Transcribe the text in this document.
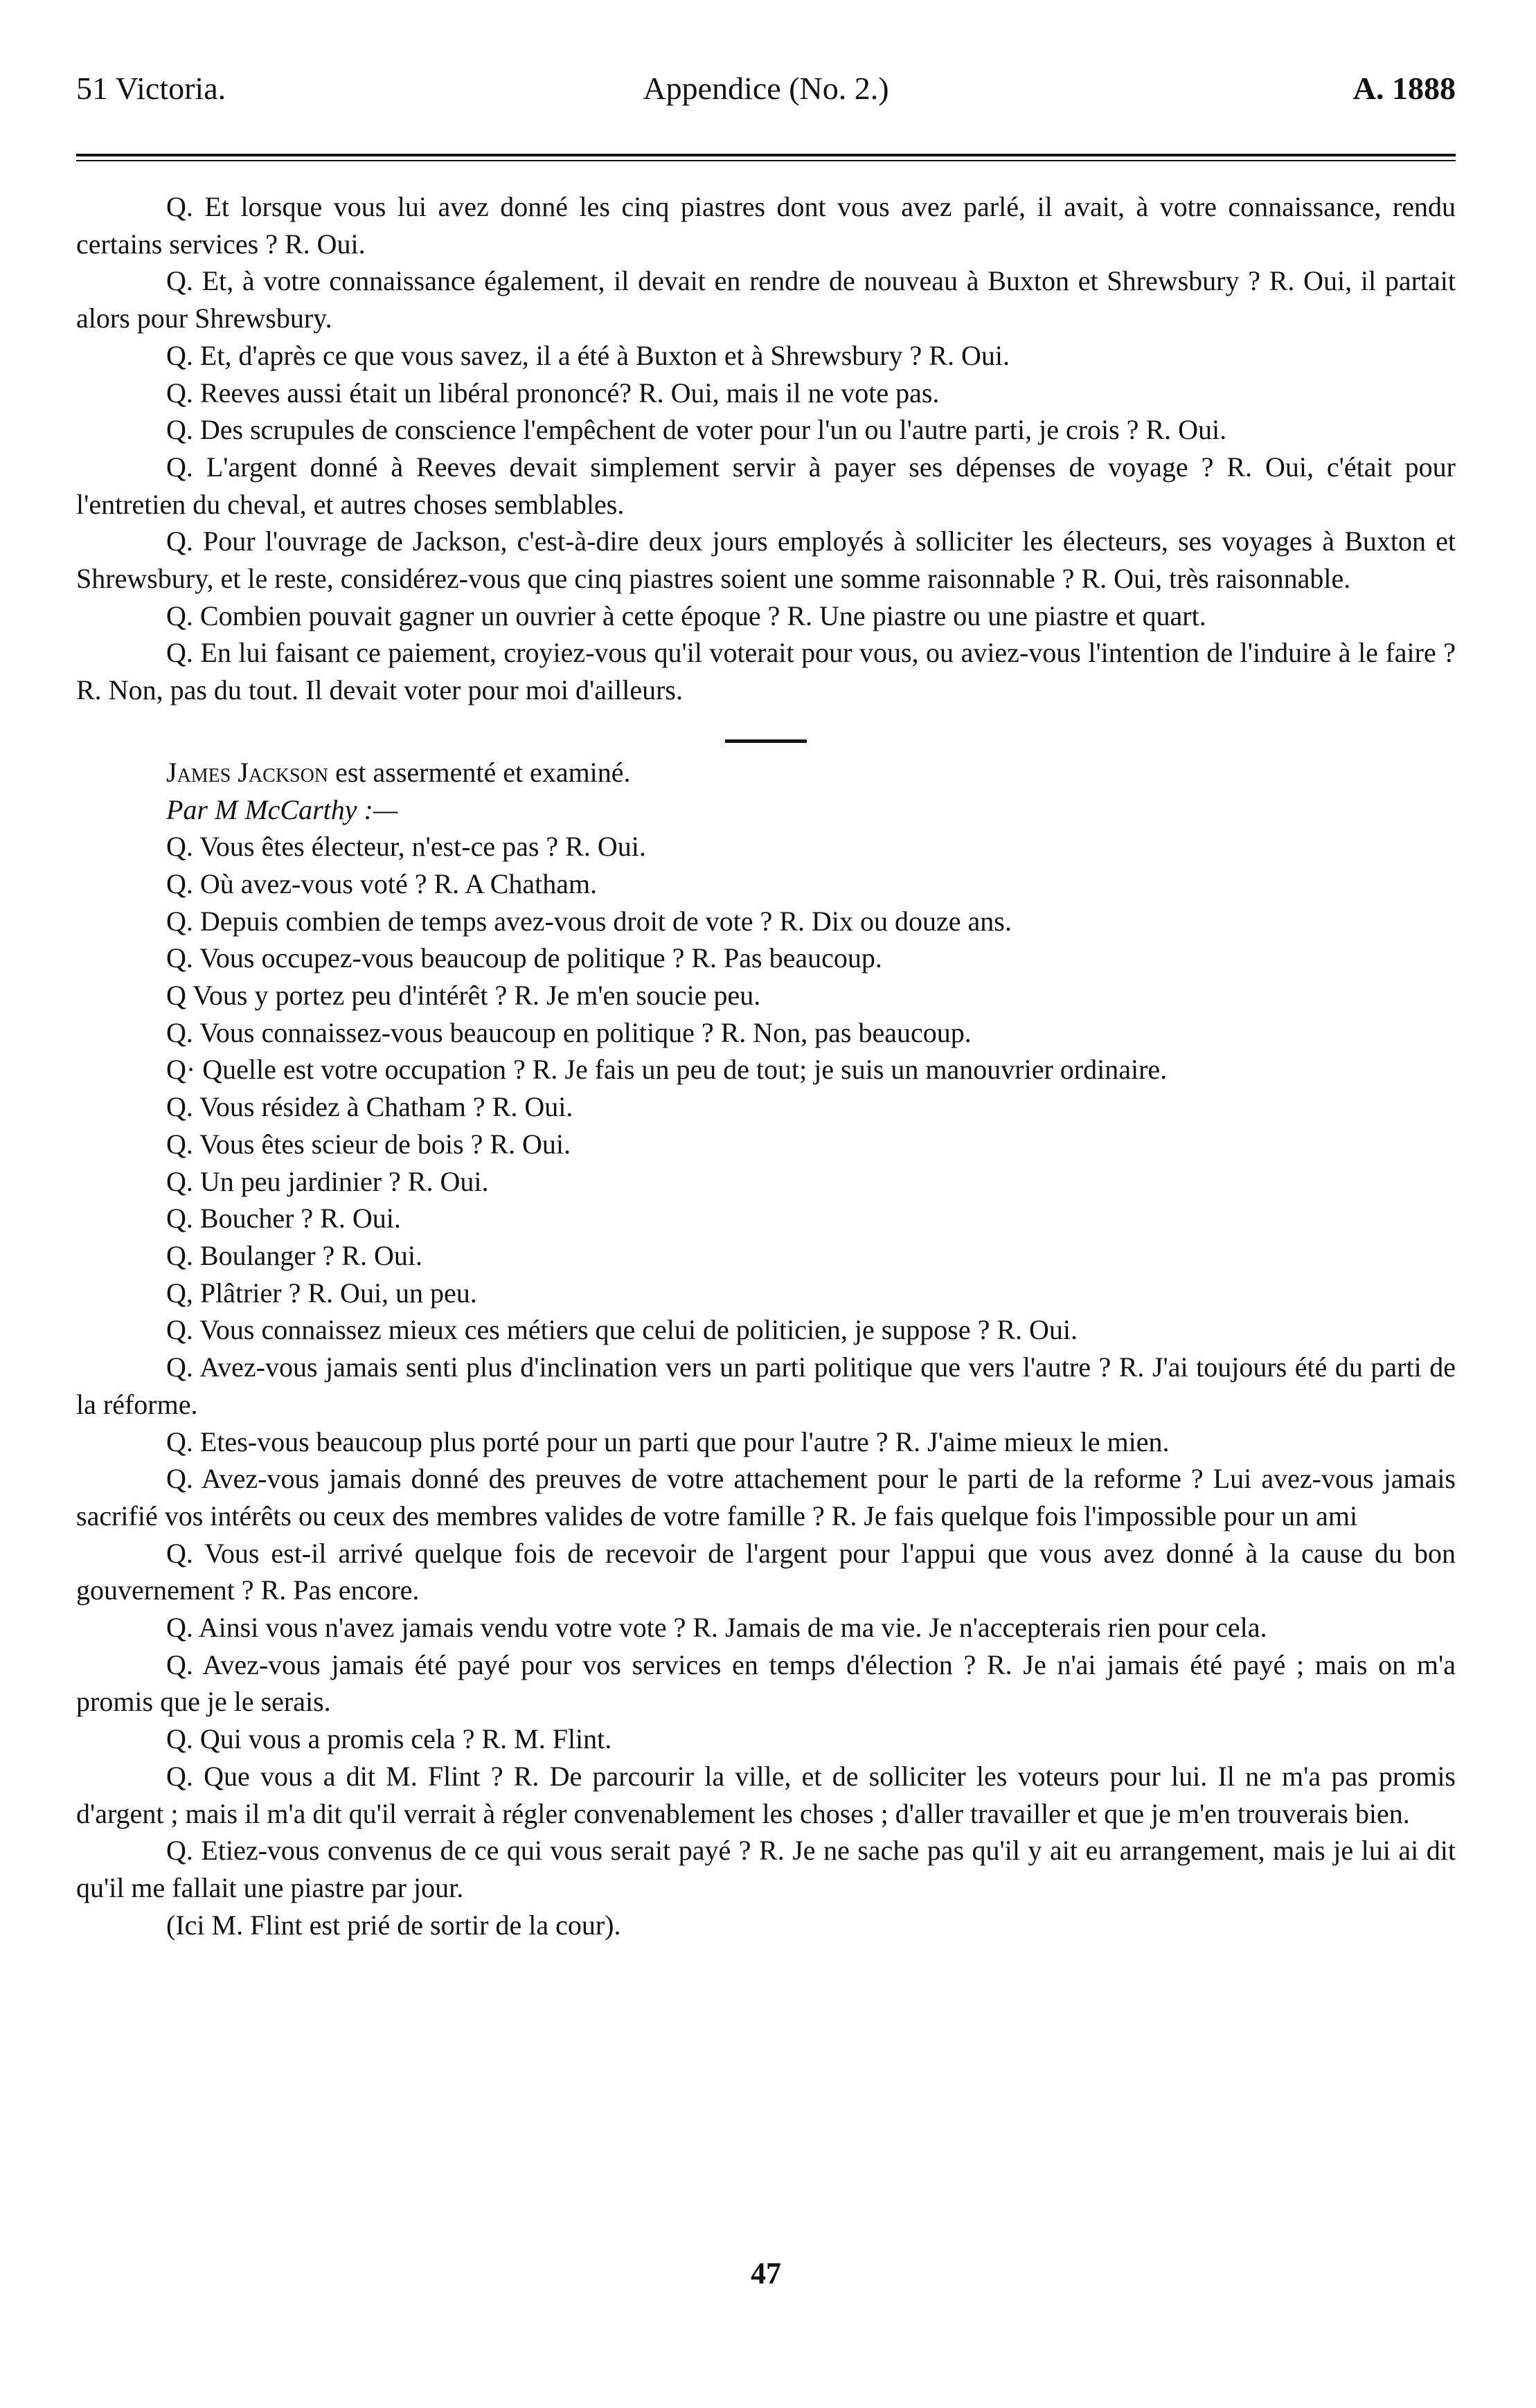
51 Victoria.	Appendice (No. 2.)	A. 1888

Q. Et lorsque vous lui avez donné les cinq piastres dont vous avez parlé, il avait, à votre connaissance, rendu certains services ? R. Oui.

Q. Et, à votre connaissance également, il devait en rendre de nouveau à Buxton et Shrewsbury ? R. Oui, il partait alors pour Shrewsbury.

Q. Et, d'après ce que vous savez, il a été à Buxton et à Shrewsbury ? R. Oui.

Q. Reeves aussi était un libéral prononcé? R. Oui, mais il ne vote pas.

Q. Des scrupules de conscience l'empêchent de voter pour l'un ou l'autre parti, je crois ? R. Oui.

Q. L'argent donné à Reeves devait simplement servir à payer ses dépenses de voyage ? R. Oui, c'était pour l'entretien du cheval, et autres choses semblables.

Q. Pour l'ouvrage de Jackson, c'est-à-dire deux jours employés à solliciter les électeurs, ses voyages à Buxton et Shrewsbury, et le reste, considérez-vous que cinq piastres soient une somme raisonnable ? R. Oui, très raisonnable.

Q. Combien pouvait gagner un ouvrier à cette époque ? R. Une piastre ou une piastre et quart.

Q. En lui faisant ce paiement, croyiez-vous qu'il voterait pour vous, ou aviez-vous l'intention de l'induire à le faire ? R. Non, pas du tout. Il devait voter pour moi d'ailleurs.

James Jackson est assermenté et examiné.

Par M McCarthy :—

Q. Vous êtes électeur, n'est-ce pas ? R. Oui.

Q. Où avez-vous voté ? R. A Chatham.

Q. Depuis combien de temps avez-vous droit de vote ? R. Dix ou douze ans.

Q. Vous occupez-vous beaucoup de politique ? R. Pas beaucoup.

Q Vous y portez peu d'intérêt ? R. Je m'en soucie peu.

Q. Vous connaissez-vous beaucoup en politique ? R. Non, pas beaucoup.

Q· Quelle est votre occupation ? R. Je fais un peu de tout; je suis un manouvrier ordinaire.

Q. Vous résidez à Chatham ? R. Oui.

Q. Vous êtes scieur de bois ? R. Oui.

Q. Un peu jardinier ? R. Oui.

Q. Boucher ? R. Oui.

Q. Boulanger ? R. Oui.

Q, Plâtrier ? R. Oui, un peu.

Q. Vous connaissez mieux ces métiers que celui de politicien, je suppose ? R. Oui.

Q. Avez-vous jamais senti plus d'inclination vers un parti politique que vers l'autre ? R. J'ai toujours été du parti de la réforme.

Q. Etes-vous beaucoup plus porté pour un parti que pour l'autre ? R. J'aime mieux le mien.

Q. Avez-vous jamais donné des preuves de votre attachement pour le parti de la reforme ? Lui avez-vous jamais sacrifié vos intérêts ou ceux des membres valides de votre famille ? R. Je fais quelque fois l'impossible pour un ami

Q. Vous est-il arrivé quelque fois de recevoir de l'argent pour l'appui que vous avez donné à la cause du bon gouvernement ? R. Pas encore.

Q. Ainsi vous n'avez jamais vendu votre vote ? R. Jamais de ma vie. Je n'accepterais rien pour cela.

Q. Avez-vous jamais été payé pour vos services en temps d'élection ? R. Je n'ai jamais été payé ; mais on m'a promis que je le serais.

Q. Qui vous a promis cela ? R. M. Flint.

Q. Que vous a dit M. Flint ? R. De parcourir la ville, et de solliciter les voteurs pour lui. Il ne m'a pas promis d'argent ; mais il m'a dit qu'il verrait à régler convenablement les choses ; d'aller travailler et que je m'en trouverais bien.

Q. Etiez-vous convenus de ce qui vous serait payé ? R. Je ne sache pas qu'il y ait eu arrangement, mais je lui ai dit qu'il me fallait une piastre par jour.

(Ici M. Flint est prié de sortir de la cour).

47
